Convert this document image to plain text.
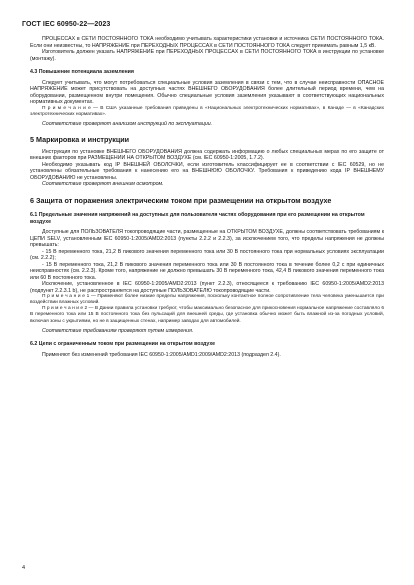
ГОСТ IEC 60950-22—2023

ПРОЦЕССАХ в СЕТИ ПОСТОЯННОГО ТОКА необходимо учитывать характеристики установки и источника СЕТИ ПОСТОЯННОГО ТОКА. Если они неизвестны, то НАПРЯЖЕНИЕ при ПЕРЕХОДНЫХ ПРОЦЕССАХ в СЕТИ ПОСТОЯННОГО ТОКА следует принимать равным 1,5 кВ.

Изготовитель должен указать НАПРЯЖЕНИЕ при ПЕРЕХОДНЫХ ПРОЦЕССАХ в СЕТИ ПОСТОЯННОГО ТОКА в инструкции по установке (монтажу).

4.3 Повышение потенциала заземления

Следует учитывать, что могут потребоваться специальные условия заземления в связи с тем, что в случае неисправности ОПАСНОЕ НАПРЯЖЕНИЕ может присутствовать на доступных частях ВНЕШНЕГО ОБОРУДОВАНИЯ более длительный период времени, чем на оборудовании, размещенном внутри помещения. Обычно специальные условия заземления указывают в соответствующих национальных нормативных документах.

П р и м е ч а н и е — В США указанные требования приведены в «Национальных электротехнических нормативах», в Канаде — в «Канадских электротехнических нормативах».

Соответствие проверяют анализом инструкций по эксплуатации.

5 Маркировка и инструкции

Инструкция по установке ВНЕШНЕГО ОБОРУДОВАНИЯ должна содержать информацию о любых специальных мерах по его защите от внешних факторов при РАЗМЕЩЕНИИ НА ОТКРЫТОМ ВОЗДУХЕ (см. IEC 60950-1:2005, 1.7.2).

Необходимо указывать код IP ВНЕШНЕЙ ОБОЛОЧКИ, если изготовитель классифицирует ее в соответствии с IEC 60529, но не установлены обязательные требования к нанесению его на ВНЕШНЮЮ ОБОЛОЧКУ. Требования к приведению кода IP ВНЕШНЕМУ ОБОРУДОВАНИЮ не установлены.

Соответствие проверяют внешним осмотром.

6 Защита от поражения электрическим током при размещении на открытом воздухе
6.1 Предельные значения напряжений на доступных для пользователя частях оборудования при его размещении на открытом воздухе

Доступные для ПОЛЬЗОВАТЕЛЯ токопроводящие части, размещенные на ОТКРЫТОМ ВОЗДУХЕ, должны соответствовать требованиям к ЦЕПИ SELV, установленным IEC 60950-1:2005/AMD2:2013 (пункты 2.2.2 и 2.2.3), за исключением того, что пределы напряжения не должны превышать:

- 15 В переменного тока, 21,2 В пикового значения переменного тока или 30 В постоянного тока при нормальных условиях эксплуатации (см. 2.2.2);

- 15 В переменного тока, 21,2 В пикового значения переменного тока или 30 В постоянного тока в течение более 0,2 с при единичных неисправностях (см. 2.2.3). Кроме того, напряжение не должно превышать 30 В переменного тока, 42,4 В пикового значения переменного тока или 60 В постоянного тока.

Исключение, установленное в IEC 60950-1:2005/AMD2:2013 (пункт 2.2.3), относящееся к требованию IEC 60950-1:2005/AMD2:2013 (подпункт 2.2.3.1 b), не распространяется на доступные ПОЛЬЗОВАТЕЛЮ токопроводящие части.

П р и м е ч а н и е 1 — Применяют более низкие пределы напряжения, поскольку контактное полное сопротивление тела человека уменьшается при воздействии влажных условий.

П р и м е ч а н и е 2 — В Дании правила установки требуют, чтобы максимально безопасное для прикосновения нормальное напряжение составляло 6 В переменного тока или 15 В постоянного тока без пульсаций для внешней среды, где установка обычно может быть влажной из-за погодных условий, включая зоны с укрытиями, но не в защищенных стенах, например заводах для автомобилей.

Соответствие требованиям проверяют путем измерения.

6.2 Цепи с ограниченным током при размещении на открытом воздухе

Применяют без изменений требования IEC 60950-1:2005/AMD1:2009/AMD2:2013 (подраздел 2.4).

4
